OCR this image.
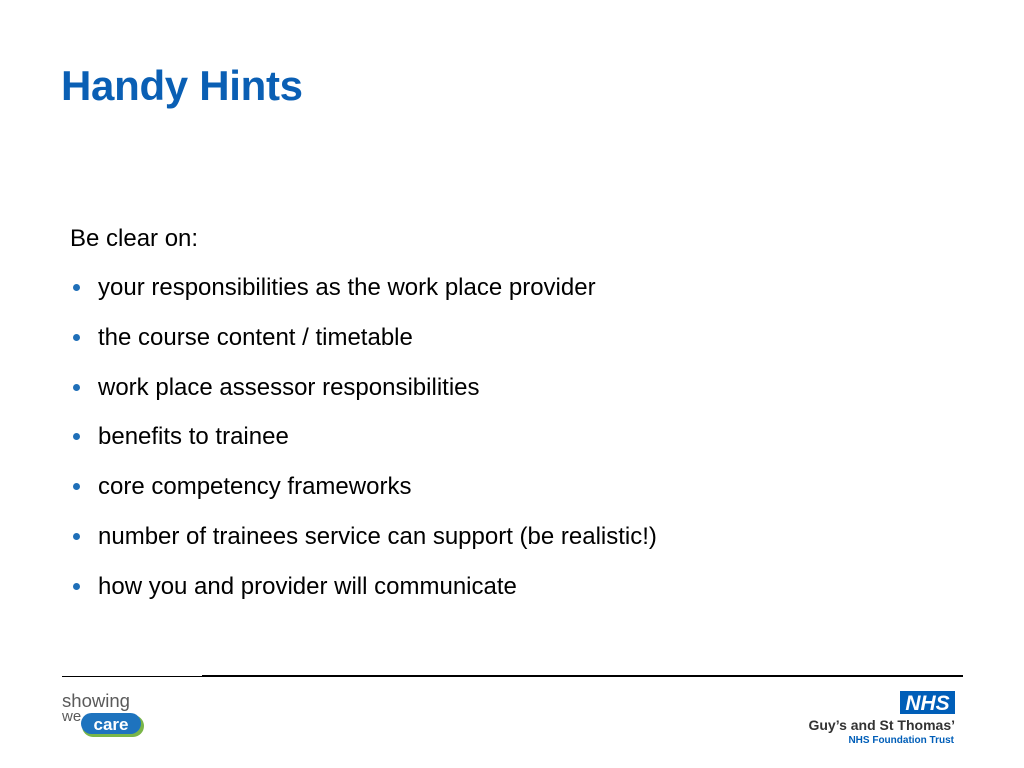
Handy Hints

Be clear on:

your responsibilities as the work place provider
the course content / timetable
work place assessor responsibilities
benefits to trainee
core competency frameworks
number of trainees service can support (be realistic!)
how you and provider will communicate
showing
we care
NHS
Guy’s and St Thomas’
NHS Foundation Trust
